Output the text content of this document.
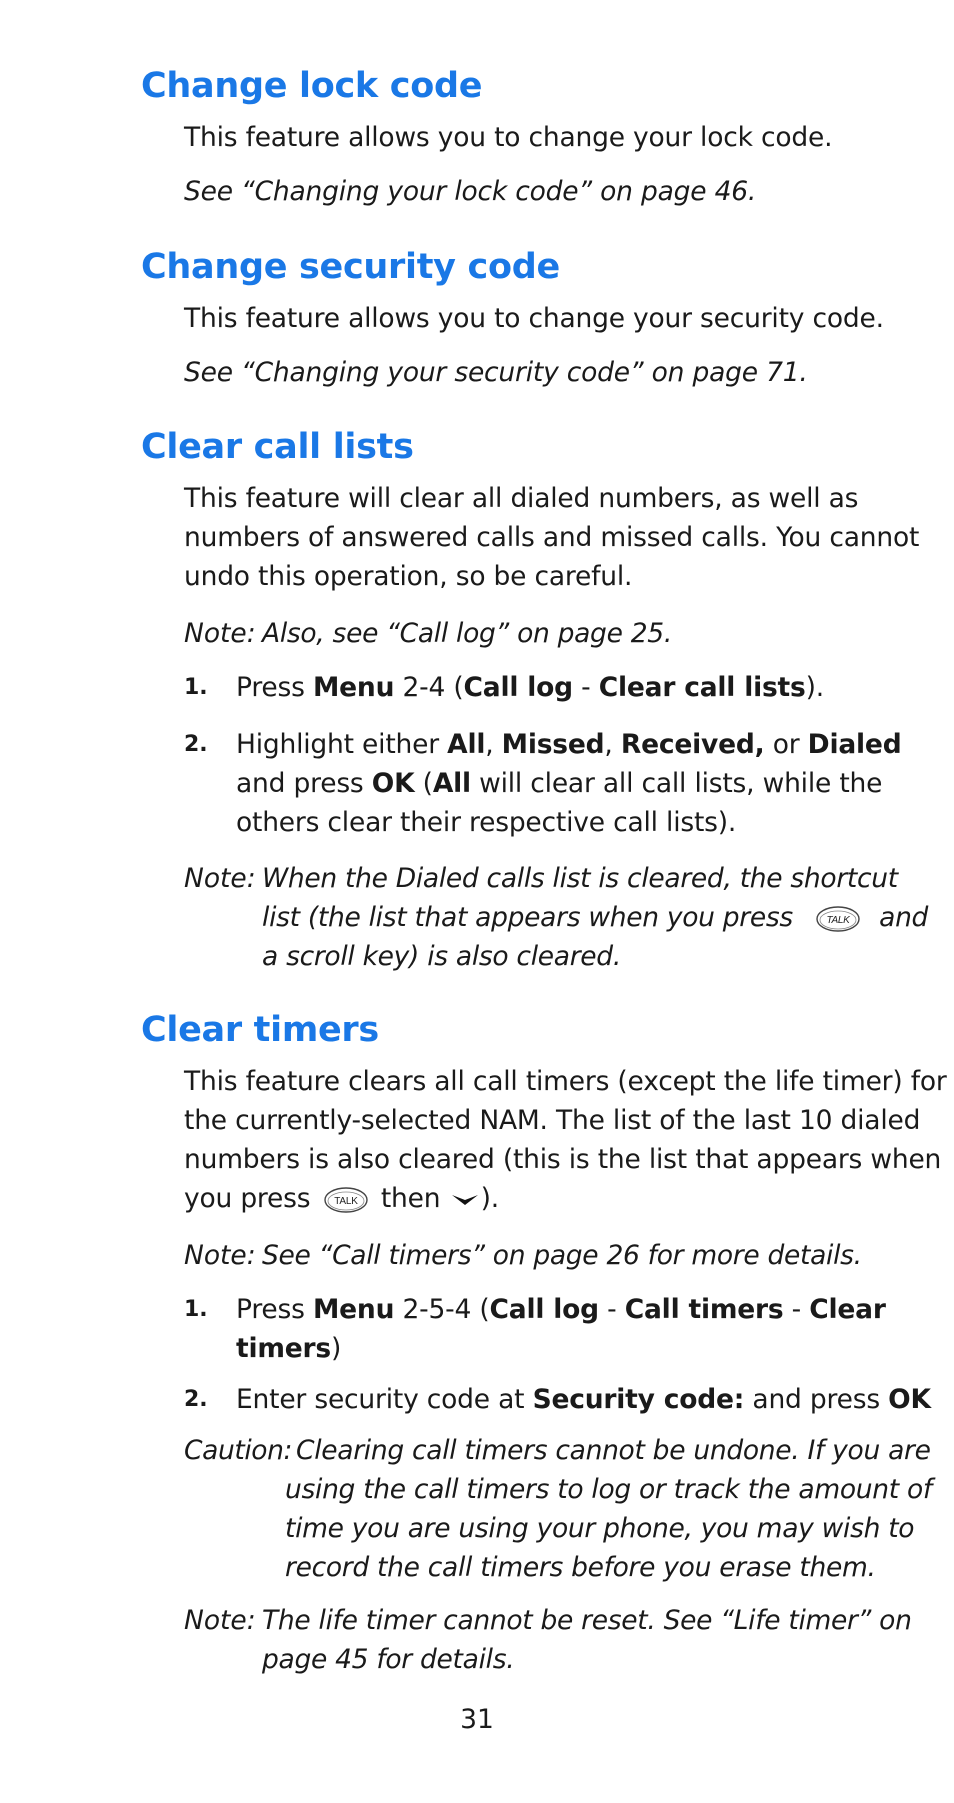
Change lock code

This feature allows you to change your lock code.

See “Changing your lock code” on page 46.

Change security code

This feature allows you to change your security code.

See “Changing your security code” on page 71.

Clear call lists

This feature will clear all dialed numbers, as well as

numbers of answered calls and missed calls. You cannot

undo this operation, so be careful.

Note: Also, see “Call log” on page 25.

1. Press Menu 2-4 (Call log - Clear call lists).

2. Highlight either All, Missed, Received, or Dialed

and press OK (All will clear all call lists, while the

others clear their respective call lists).

Note: When the Dialed calls list is cleared, the shortcut

list (the list that appears when you press	TALK and

a scroll key) is also cleared.

Clear timers

This feature clears all call timers (except the life timer) for

the currently-selected NAM. The list of the last 10 dialed

numbers is also cleared (this is the list that appears when

you press TALK then ).

Note: See “Call timers” on page 26 for more details.

1. Press Menu 2-5-4 (Call log - Call timers - Clear

timers)

2. Enter security code at Security code: and press OK

Caution: Clearing call timers cannot be undone. If you are

using the call timers to log or track the amount of

time you are using your phone, you may wish to

record the call timers before you erase them.

Note: The life timer cannot be reset. See “Life timer” on

page 45 for details.

31
